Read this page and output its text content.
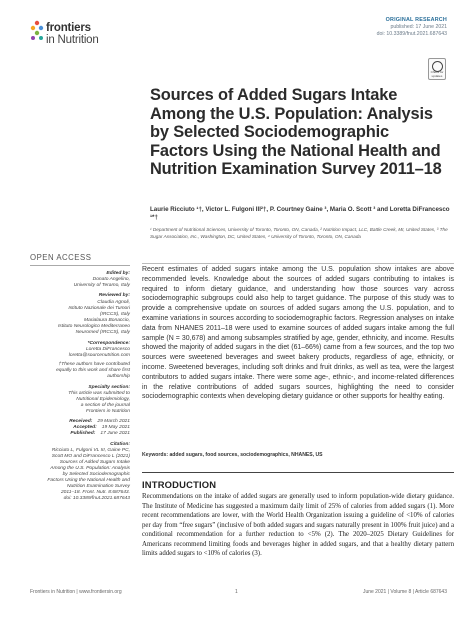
frontiers
in Nutrition
ORIGINAL RESEARCH
published: 17 June 2021
doi: 10.3389/fnut.2021.687643
Check for updates
Sources of Added Sugars Intake Among the U.S. Population: Analysis by Selected Sociodemographic Factors Using the National Health and Nutrition Examination Survey 2011–18
Laurie Ricciuto ¹†, Victor L. Fulgoni III²†, P. Courtney Gaine ³, Maria O. Scott ³ and Loretta DiFrancesco ¹*†
¹ Department of Nutritional Sciences, University of Toronto, Toronto, ON, Canada, ² Nutrition Impact, LLC, Battle Creek, MI, United States, ³ The Sugar Association, Inc., Washington, DC, United States, ⁴ University of Toronto, Toronto, ON, Canada
OPEN ACCESS
Edited by:
Donato Angelino,
University of Teramo, Italy
Reviewed by:
Claudia Agnoli,
Istituto Nazionale dei Tumori
(IRCCS), Italy
Marialaura Bonaccio,
Istituto Neurologico Mediterraneo
Neuromed (IRCCS), Italy
*Correspondence:
Loretta DiFrancesco
loretta@sourcenutrition.com
†These authors have contributed
equally to this work and share first
authorship
Specialty section:
This article was submitted to
Nutritional Epidemiology,
a section of the journal
Frontiers in Nutrition
Received: 29 March 2021
Accepted: 19 May 2021
Published: 17 June 2021
Citation:
Ricciuto L, Fulgoni VL III, Gaine PC,
Scott MO and DiFrancesco L (2021)
Sources of Added Sugars Intake
Among the U.S. Population: Analysis
by Selected Sociodemographic
Factors Using the National Health and
Nutrition Examination Survey
2011–18. Front. Nutr. 8:687643.
doi: 10.3389/fnut.2021.687643

Recent estimates of added sugars intake among the U.S. population show intakes are above recommended levels. Knowledge about the sources of added sugars contributing to intakes is required to inform dietary guidance, and understanding how those sources vary across sociodemographic subgroups could also help to target guidance. The purpose of this study was to provide a comprehensive update on sources of added sugars among the U.S. population, and to examine variations in sources according to sociodemographic factors. Regression analyses on intake data from NHANES 2011–18 were used to examine sources of added sugars intake among the full sample (N = 30,678) and among subsamples stratified by age, gender, ethnicity, and income. Results showed the majority of added sugars in the diet (61–66%) came from a few sources, and the top two sources were sweetened beverages and sweet bakery products, regardless of age, ethnicity, or income. Sweetened beverages, including soft drinks and fruit drinks, as well as tea, were the largest contributors to added sugars intake. There were some age-, ethnic-, and income-related differences in the relative contributions of added sugars sources, highlighting the need to consider sociodemographic contexts when developing dietary guidance or other supports for healthy eating.

Keywords: added sugars, food sources, sociodemographics, NHANES, US
INTRODUCTION

Recommendations on the intake of added sugars are generally used to inform population-wide dietary guidance. The Institute of Medicine has suggested a maximum daily limit of 25% of calories from added sugars (1). More recent recommendations are lower, with the World Health Organization issuing a guideline of <10% of calories per day from “free sugars” (inclusive of both added sugars and sugars naturally present in 100% fruit juice) and a conditional recommendation for a further reduction to <5% (2). The 2020–2025 Dietary Guidelines for Americans recommend limiting foods and beverages higher in added sugars, and that a healthy dietary pattern limits added sugars to <10% of calories (3).

Frontiers in Nutrition | www.frontiersin.org	1	June 2021 | Volume 8 | Article 687643
